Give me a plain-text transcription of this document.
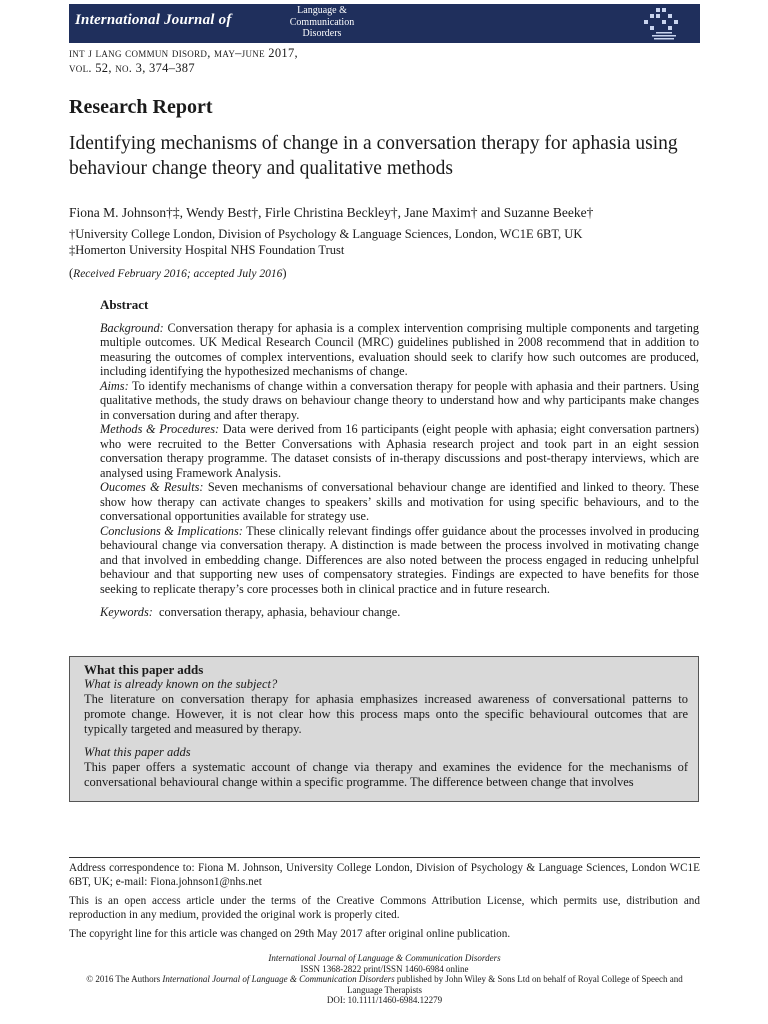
International Journal of
Language &
Communication
Disorders
int j lang commun disord, may–june 2017,
vol. 52, no. 3, 374–387
Research Report
Identifying mechanisms of change in a conversation therapy for aphasia using behaviour change theory and qualitative methods
Fiona M. Johnson†‡, Wendy Best†, Firle Christina Beckley†, Jane Maxim† and Suzanne Beeke†
†University College London, Division of Psychology & Language Sciences, London, WC1E 6BT, UK
‡Homerton University Hospital NHS Foundation Trust
(Received February 2016; accepted July 2016)
Abstract

Background: Conversation therapy for aphasia is a complex intervention comprising multiple components and targeting multiple outcomes. UK Medical Research Council (MRC) guidelines published in 2008 recommend that in addition to measuring the outcomes of complex interventions, evaluation should seek to clarify how such outcomes are produced, including identifying the hypothesized mechanisms of change.

Aims: To identify mechanisms of change within a conversation therapy for people with aphasia and their partners. Using qualitative methods, the study draws on behaviour change theory to understand how and why participants make changes in conversation during and after therapy.

Methods & Procedures: Data were derived from 16 participants (eight people with aphasia; eight conversation partners) who were recruited to the Better Conversations with Aphasia research project and took part in an eight session conversation therapy programme. The dataset consists of in-therapy discussions and post-therapy interviews, which are analysed using Framework Analysis.

Oucomes & Results: Seven mechanisms of conversational behaviour change are identified and linked to theory. These show how therapy can activate changes to speakers’ skills and motivation for using specific behaviours, and to the conversational opportunities available for strategy use.

Conclusions & Implications: These clinically relevant findings offer guidance about the processes involved in producing behavioural change via conversation therapy. A distinction is made between the process involved in motivating change and that involved in embedding change. Differences are also noted between the process engaged in reducing unhelpful behaviour and that supporting new uses of compensatory strategies. Findings are expected to have benefits for those seeking to replicate therapy’s core processes both in clinical practice and in future research.

Keywords: conversation therapy, aphasia, behaviour change.

What this paper adds
What is already known on the subject?

The literature on conversation therapy for aphasia emphasizes increased awareness of conversational patterns to promote change. However, it is not clear how this process maps onto the specific behavioural outcomes that are typically targeted and measured by therapy.

What this paper adds

This paper offers a systematic account of change via therapy and examines the evidence for the mechanisms of conversational behavioural change within a specific programme. The difference between change that involves

Address correspondence to: Fiona M. Johnson, University College London, Division of Psychology & Language Sciences, London WC1E 6BT, UK; e-mail: Fiona.johnson1@nhs.net

This is an open access article under the terms of the Creative Commons Attribution License, which permits use, distribution and reproduction in any medium, provided the original work is properly cited.

The copyright line for this article was changed on 29th May 2017 after original online publication.

International Journal of Language & Communication Disorders
ISSN 1368-2822 print/ISSN 1460-6984 online
© 2016 The Authors International Journal of Language & Communication Disorders published by John Wiley & Sons Ltd on behalf of Royal College of Speech and Language Therapists
DOI: 10.1111/1460-6984.12279
